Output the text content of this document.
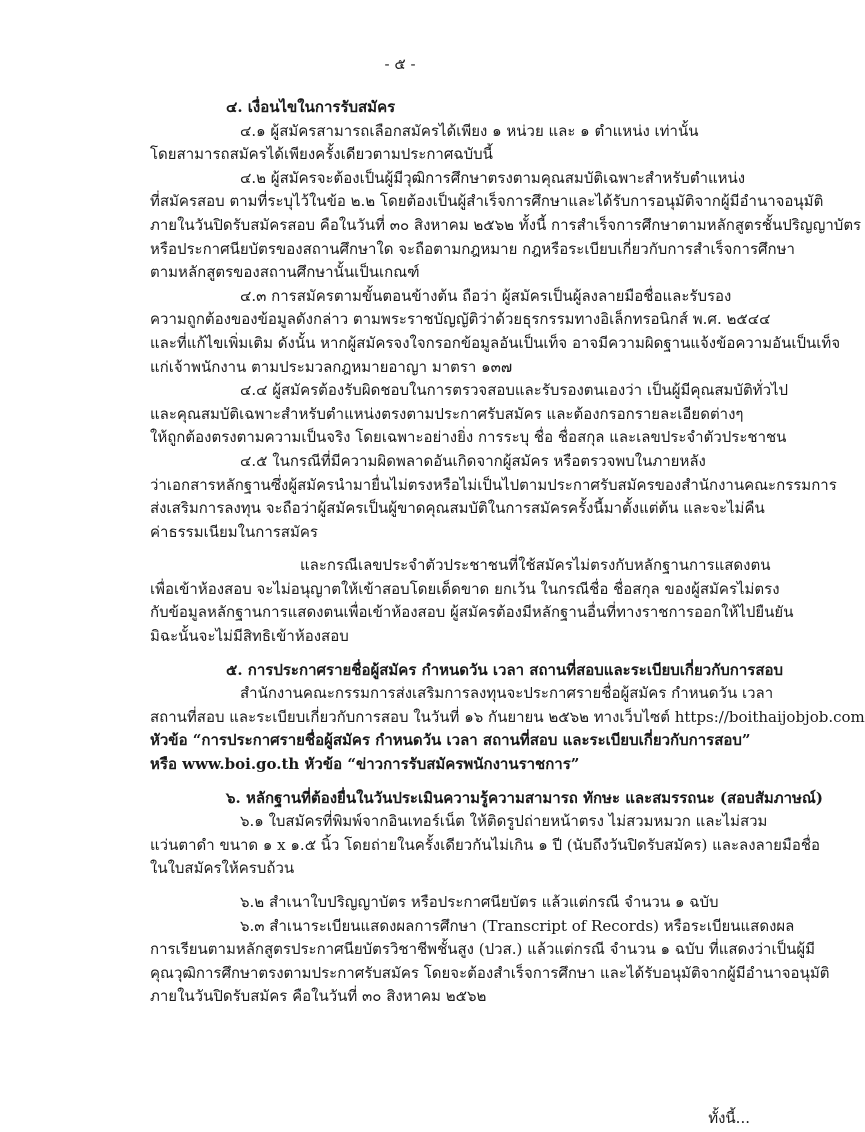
- ๕ -
๔. เงื่อนไขในการรับสมัคร
๔.๑ ผู้สมัครสามารถเลือกสมัครได้เพียง ๑ หน่วย และ ๑ ตำแหน่ง เท่านั้น
โดยสามารถสมัครได้เพียงครั้งเดียวตามประกาศฉบับนี้
๔.๒ ผู้สมัครจะต้องเป็นผู้มีวุฒิการศึกษาตรงตามคุณสมบัติเฉพาะสำหรับตำแหน่ง
ที่สมัครสอบ ตามที่ระบุไว้ในข้อ ๒.๒ โดยต้องเป็นผู้สำเร็จการศึกษาและได้รับการอนุมัติจากผู้มีอำนาจอนุมัติ
ภายในวันปิดรับสมัครสอบ คือในวันที่ ๓๐ สิงหาคม ๒๕๖๒ ทั้งนี้ การสำเร็จการศึกษาตามหลักสูตรชั้นปริญญาบัตร
หรือประกาศนียบัตรของสถานศึกษาใด จะถือตามกฎหมาย กฎหรือระเบียบเกี่ยวกับการสำเร็จการศึกษา
ตามหลักสูตรของสถานศึกษานั้นเป็นเกณฑ์
๔.๓ การสมัครตามขั้นตอนข้างต้น ถือว่า ผู้สมัครเป็นผู้ลงลายมือชื่อและรับรอง
ความถูกต้องของข้อมูลดังกล่าว ตามพระราชบัญญัติว่าด้วยธุรกรรมทางอิเล็กทรอนิกส์ พ.ศ. ๒๕๔๔
และที่แก้ไขเพิ่มเติม ดังนั้น หากผู้สมัครจงใจกรอกข้อมูลอันเป็นเท็จ อาจมีความผิดฐานแจ้งข้อความอันเป็นเท็จ
แก่เจ้าพนักงาน ตามประมวลกฎหมายอาญา มาตรา ๑๓๗
๔.๔ ผู้สมัครต้องรับผิดชอบในการตรวจสอบและรับรองตนเองว่า เป็นผู้มีคุณสมบัติทั่วไป
และคุณสมบัติเฉพาะสำหรับตำแหน่งตรงตามประกาศรับสมัคร และต้องกรอกรายละเอียดต่างๆ
ให้ถูกต้องตรงตามความเป็นจริง โดยเฉพาะอย่างยิ่ง การระบุ ชื่อ ชื่อสกุล และเลขประจำตัวประชาชน
๔.๕ ในกรณีที่มีความผิดพลาดอันเกิดจากผู้สมัคร หรือตรวจพบในภายหลัง
ว่าเอกสารหลักฐานซึ่งผู้สมัครนำมายื่นไม่ตรงหรือไม่เป็นไปตามประกาศรับสมัครของสำนักงานคณะกรรมการ
ส่งเสริมการลงทุน จะถือว่าผู้สมัครเป็นผู้ขาดคุณสมบัติในการสมัครครั้งนี้มาตั้งแต่ต้น และจะไม่คืน
ค่าธรรมเนียมในการสมัคร
และกรณีเลขประจำตัวประชาชนที่ใช้สมัครไม่ตรงกับหลักฐานการแสดงตน
เพื่อเข้าห้องสอบ จะไม่อนุญาตให้เข้าสอบโดยเด็ดขาด ยกเว้น ในกรณีชื่อ ชื่อสกุล ของผู้สมัครไม่ตรง
กับข้อมูลหลักฐานการแสดงตนเพื่อเข้าห้องสอบ ผู้สมัครต้องมีหลักฐานอื่นที่ทางราชการออกให้ไปยืนยัน
มิฉะนั้นจะไม่มีสิทธิเข้าห้องสอบ
๕. การประกาศรายชื่อผู้สมัคร กำหนดวัน เวลา สถานที่สอบและระเบียบเกี่ยวกับการสอบ
สำนักงานคณะกรรมการส่งเสริมการลงทุนจะประกาศรายชื่อผู้สมัคร กำหนดวัน เวลา
สถานที่สอบ และระเบียบเกี่ยวกับการสอบ ในวันที่ ๑๖ กันยายน ๒๕๖๒ ทางเว็บไซต์ https://boithaijobjob.com
หัวข้อ “การประกาศรายชื่อผู้สมัคร กำหนดวัน เวลา สถานที่สอบ และระเบียบเกี่ยวกับการสอบ”
หรือ www.boi.go.th หัวข้อ “ข่าวการรับสมัครพนักงานราชการ”
๖. หลักฐานที่ต้องยื่นในวันประเมินความรู้ความสามารถ ทักษะ และสมรรถนะ (สอบสัมภาษณ์)
๖.๑ ใบสมัครที่พิมพ์จากอินเทอร์เน็ต ให้ติดรูปถ่ายหน้าตรง ไม่สวมหมวก และไม่สวม
แว่นตาดำ ขนาด ๑ x ๑.๕ นิ้ว โดยถ่ายในครั้งเดียวกันไม่เกิน ๑ ปี (นับถึงวันปิดรับสมัคร) และลงลายมือชื่อ
ในใบสมัครให้ครบถ้วน
๖.๒ สำเนาใบปริญญาบัตร หรือประกาศนียบัตร แล้วแต่กรณี จำนวน ๑ ฉบับ
๖.๓ สำเนาระเบียนแสดงผลการศึกษา (Transcript of Records) หรือระเบียนแสดงผล
การเรียนตามหลักสูตรประกาศนียบัตรวิชาชีพชั้นสูง (ปวส.) แล้วแต่กรณี จำนวน ๑ ฉบับ ที่แสดงว่าเป็นผู้มี
คุณวุฒิการศึกษาตรงตามประกาศรับสมัคร โดยจะต้องสำเร็จการศึกษา และได้รับอนุมัติจากผู้มีอำนาจอนุมัติ
ภายในวันปิดรับสมัคร คือในวันที่ ๓๐ สิงหาคม ๒๕๖๒
ทั้งนี้...
